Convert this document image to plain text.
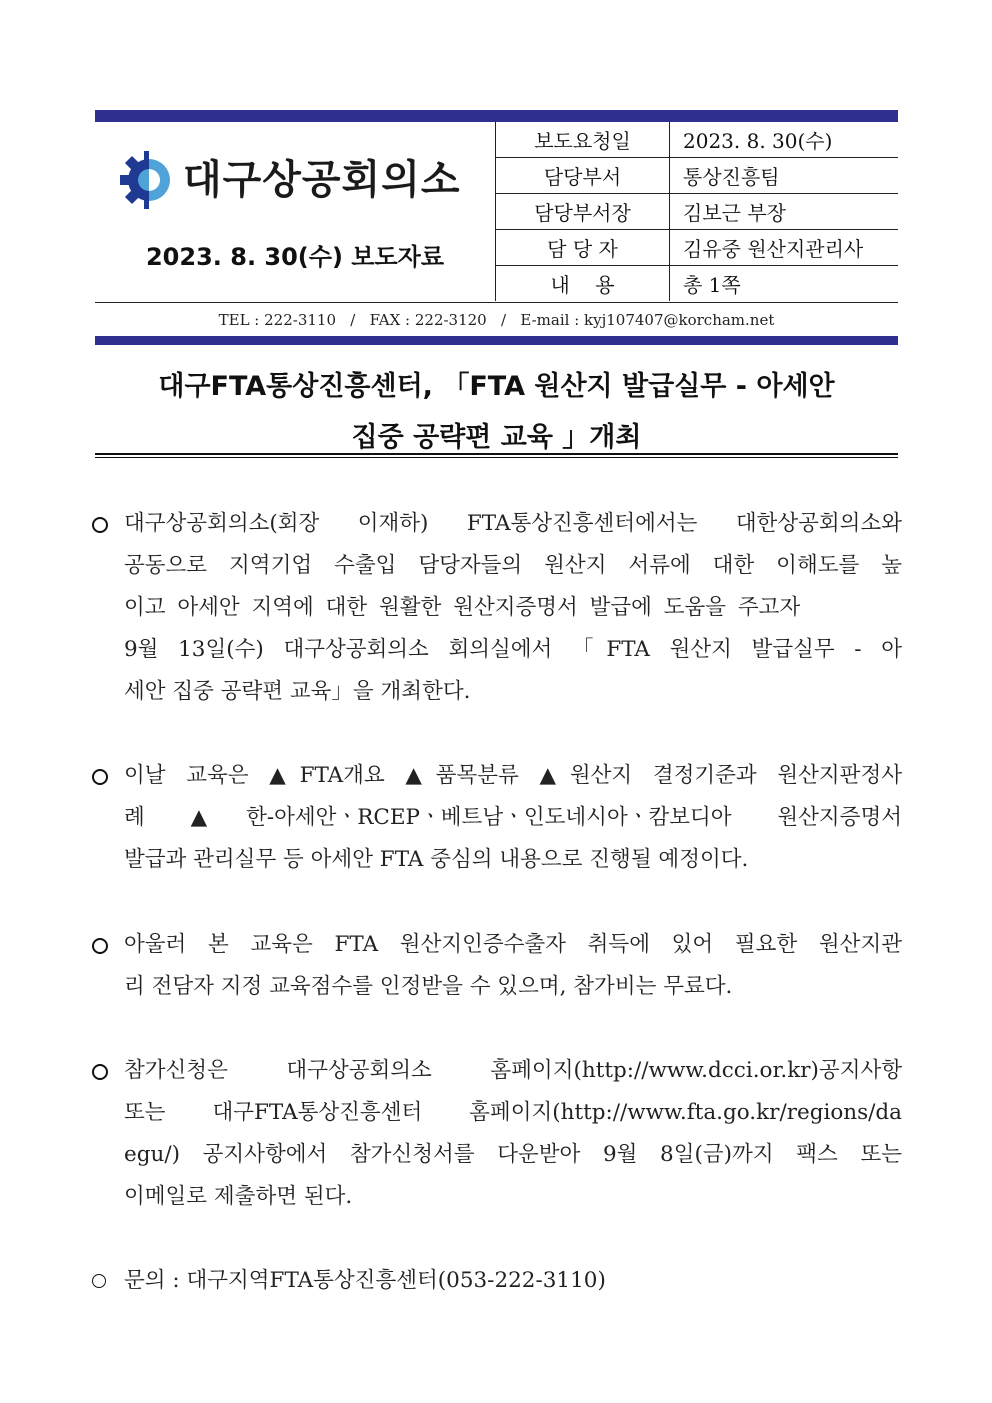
대구상공회의소
2023. 8. 30(수) 보도자료
보도요청일	2023. 8. 30(수)
담당부서	통상진흥팀
담당부서장	김보근 부장
담 당 자	김유중 원산지관리사
내    용	총 1쪽
TEL : 222-3110   /   FAX : 222-3120   /   E-mail : kyj107407@korcham.net
대구FTA통상진흥센터, 「FTA 원산지 발급실무 - 아세안
집중 공략편 교육 」개최
대구상공회의소(회장 이재하) FTA통상진흥센터에서는 대한상공회의소와
공동으로 지역기업 수출입 담당자들의 원산지 서류에 대한 이해도를 높
이고 아세안 지역에 대한 원활한 원산지증명서 발급에 도움을 주고자
9월 13일(수) 대구상공회의소 회의실에서 「FTA 원산지 발급실무 - 아
세안 집중 공략편 교육」을 개최한다.
이날 교육은 ▲FTA개요 ▲품목분류 ▲원산지 결정기준과 원산지판정사
례 ▲한-아세안ㆍRCEPㆍ베트남ㆍ인도네시아ㆍ캄보디아 원산지증명서
발급과 관리실무 등 아세안 FTA 중심의 내용으로 진행될 예정이다.
아울러 본 교육은 FTA 원산지인증수출자 취득에 있어 필요한 원산지관
리 전담자 지정 교육점수를 인정받을 수 있으며, 참가비는 무료다.
참가신청은 대구상공회의소 홈페이지(http://www.dcci.or.kr)공지사항
또는 대구FTA통상진흥센터 홈페이지(http://www.fta.go.kr/regions/da
egu/) 공지사항에서 참가신청서를 다운받아 9월 8일(금)까지 팩스 또는
이메일로 제출하면 된다.
문의 : 대구지역FTA통상진흥센터(053-222-3110)
